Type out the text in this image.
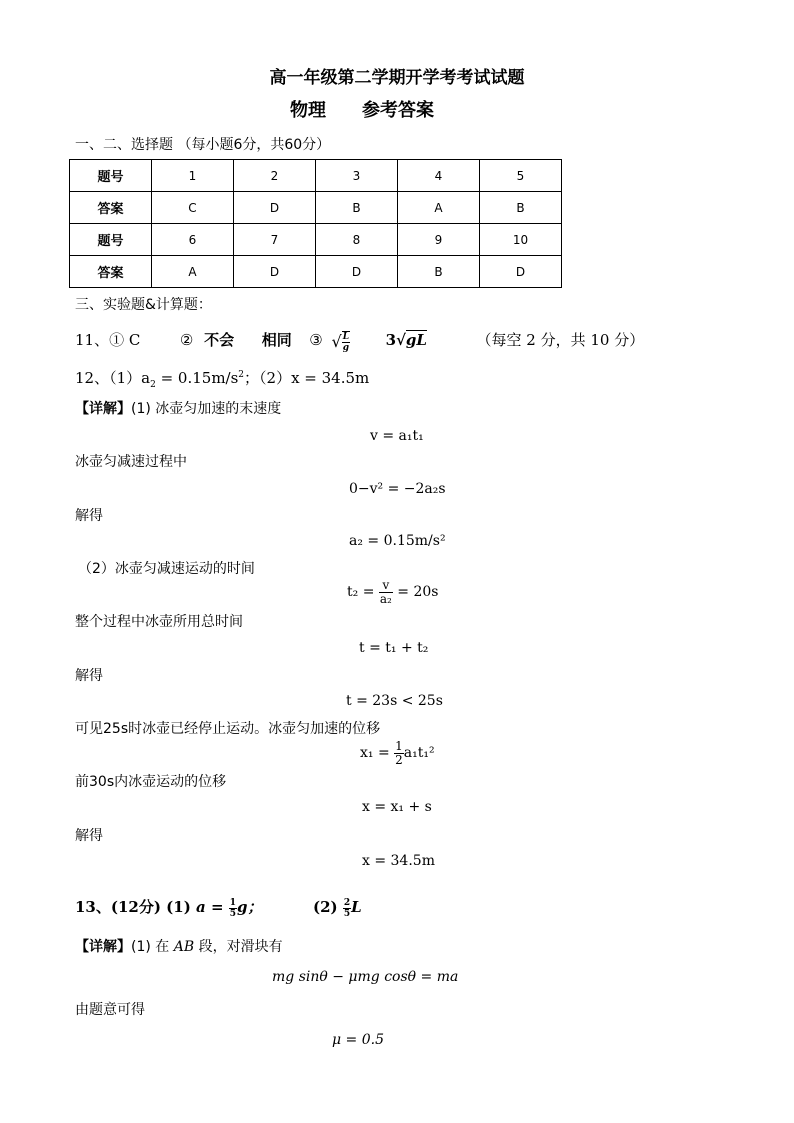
高一年级第二学期开学考考试试题
物理 参考答案
一、二、选择题 （每小题6分，共60分）
题号	1	2	3	4	5
答案	C	D	B	A	B
题号	6	7	8	9	10
答案	A	D	D	B	D
三、实验题&计算题：
11、① C	② 不会 相同 ③ √ $\frac{L}{g} 3√gL$	（每空 2 分，共 10 分）
12、$(1)a_2 = 0.15m/s^2$；（2）x = 34.5m
【详解】(1) 冰壶匀加速的末速度
v = a₁t₁
冰壶匀减速过程中
0−v² = −2a₂s
解得
a₂ = 0.15m/s²
（2）冰壶匀减速运动的时间
$t_2 = \frac{v}{\text{a₂}} = 20s$
整个过程中冰壶所用总时间
t = t₁ + t₂
解得
t = 23s < 25s
可见25s时冰壶已经停止运动。冰壶匀加速的位移
$x_1 = \frac{1}{2} a_1t_1^2$
前30s内冰壶运动的位移
x = x₁ + s
解得
x = 34.5m
13、(12分) (1) $a = \frac{1}{5}$ g；	$(2) \frac{2}{5}$ L
【详解】(1) 在 AB 段，对滑块有
mg sinθ − μmg cosθ = ma
由题意可得
μ = 0.5
